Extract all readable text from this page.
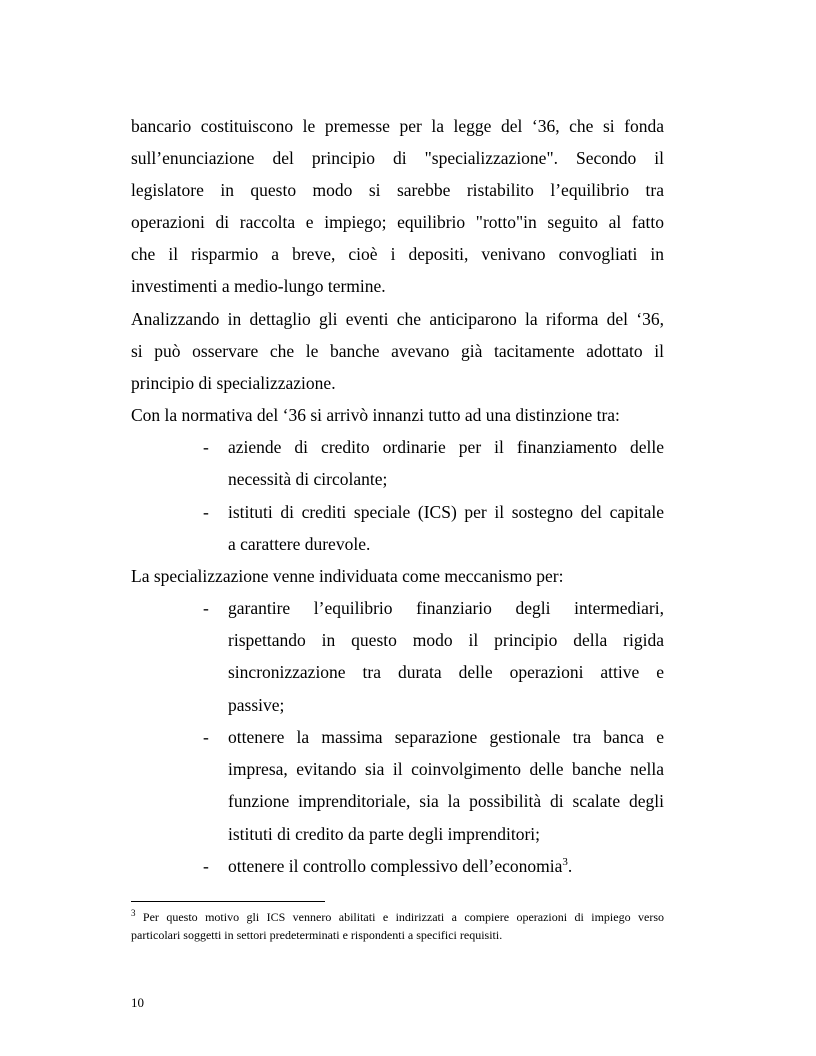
bancario costituiscono le premesse per la legge del ‘36, che si fonda
sull’enunciazione del principio di "specializzazione". Secondo il
legislatore in questo modo si sarebbe ristabilito l’equilibrio tra
operazioni di raccolta e impiego; equilibrio "rotto"in seguito al fatto
che il risparmio a breve, cioè i depositi, venivano convogliati in
investimenti a medio-lungo termine.
Analizzando in dettaglio gli eventi che anticiparono la riforma del ‘36,
si può osservare che le banche avevano già tacitamente adottato il
principio di specializzazione.
Con la normativa del ‘36 si arrivò innanzi tutto ad una distinzione tra:
- aziende di credito ordinarie per il finanziamento delle
necessità di circolante;
- istituti di crediti speciale (ICS) per il sostegno del capitale
a carattere durevole.
La specializzazione venne individuata come meccanismo per:
- garantire l’equilibrio finanziario degli intermediari,
rispettando in questo modo il principio della rigida
sincronizzazione tra durata delle operazioni attive e
passive;
- ottenere la massima separazione gestionale tra banca e
impresa, evitando sia il coinvolgimento delle banche nella
funzione imprenditoriale, sia la possibilità di scalate degli
istituti di credito da parte degli imprenditori;
- ottenere il controllo complessivo dell’economia$^3$.
$^3$ Per questo motivo gli ICS vennero abilitati e indirizzati a compiere operazioni di impiego verso
particolari soggetti in settori predeterminati e rispondenti a specifici requisiti.
10
